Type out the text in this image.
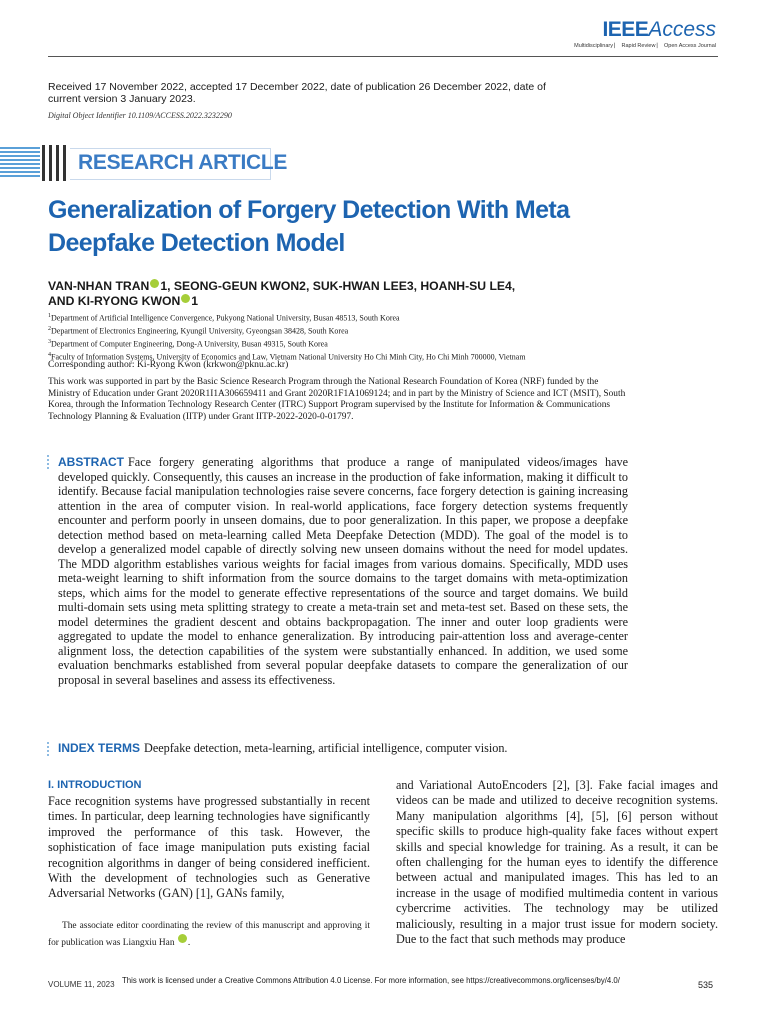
IEEEAccess
Multidisciplinary ⎸ Rapid Review ⎸ Open Access Journal
Received 17 November 2022, accepted 17 December 2022, date of publication 26 December 2022, date of current version 3 January 2023.
Digital Object Identifier 10.1109/ACCESS.2022.3232290
RESEARCH ARTICLE
Generalization of Forgery Detection With Meta Deepfake Detection Model
VAN-NHAN TRAN 1, SEONG-GEUN KWON2, SUK-HWAN LEE3, HOANH-SU LE4,
AND KI-RYONG KWON 1
$^1$Department of Artificial Intelligence Convergence, Pukyong National University, Busan 48513, South Korea
$^2$Department of Electronics Engineering, Kyungil University, Gyeongsan 38428, South Korea
$^3$Department of Computer Engineering, Dong-A University, Busan 49315, South Korea
$^4$Faculty of Information Systems, University of Economics and Law, Vietnam National University Ho Chi Minh City, Ho Chi Minh 700000, Vietnam
Corresponding author: Ki-Ryong Kwon (krkwon@pknu.ac.kr)
This work was supported in part by the Basic Science Research Program through the National Research Foundation of Korea (NRF) funded by the Ministry of Education under Grant 2020R1I1A306659411 and Grant 2020R1F1A1069124; and in part by the Ministry of Science and ICT (MSIT), South Korea, through the Information Technology Research Center (ITRC) Support Program supervised by the Institute for Information & Communications Technology Planning & Evaluation (IITP) under Grant IITP-2022-2020-0-01797.
ABSTRACT Face forgery generating algorithms that produce a range of manipulated videos/images have developed quickly. Consequently, this causes an increase in the production of fake information, making it difficult to identify. Because facial manipulation technologies raise severe concerns, face forgery detection is gaining increasing attention in the area of computer vision. In real-world applications, face forgery detection systems frequently encounter and perform poorly in unseen domains, due to poor generalization. In this paper, we propose a deepfake detection method based on meta-learning called Meta Deepfake Detection (MDD). The goal of the model is to develop a generalized model capable of directly solving new unseen domains without the need for model updates. The MDD algorithm establishes various weights for facial images from various domains. Specifically, MDD uses meta-weight learning to shift information from the source domains to the target domains with meta-optimization steps, which aims for the model to generate effective representations of the source and target domains. We build multi-domain sets using meta splitting strategy to create a meta-train set and meta-test set. Based on these sets, the model determines the gradient descent and obtains backpropagation. The inner and outer loop gradients were aggregated to update the model to enhance generalization. By introducing pair-attention loss and average-center alignment loss, the detection capabilities of the system were substantially enhanced. In addition, we used some evaluation benchmarks established from several popular deepfake datasets to compare the generalization of our proposal in several baselines and assess its effectiveness.
INDEX TERMS Deepfake detection, meta-learning, artificial intelligence, computer vision.
I. INTRODUCTION
Face recognition systems have progressed substantially in recent times. In particular, deep learning technologies have significantly improved the performance of this task. However, the sophistication of face image manipulation puts existing facial recognition algorithms in danger of being considered inefficient. With the development of technologies such as Generative Adversarial Networks (GAN) [1], GANs family,
and Variational AutoEncoders [2], [3]. Fake facial images and videos can be made and utilized to deceive recognition systems. Many manipulation algorithms [4], [5], [6] person without specific skills to produce high-quality fake faces without expert skills and special knowledge for training. As a result, it can be often challenging for the human eyes to identify the difference between actual and manipulated images. This has led to an increase in the usage of modified multimedia content in various cybercrime activities. The technology may be utilized maliciously, resulting in a major trust issue for modern society. Due to the fact that such methods may produce
The associate editor coordinating the review of this manuscript and approving it for publication was Liangxiu Han .
VOLUME 11, 2023 This work is licensed under a Creative Commons Attribution 4.0 License. For more information, see https://creativecommons.org/licenses/by/4.0/	535
